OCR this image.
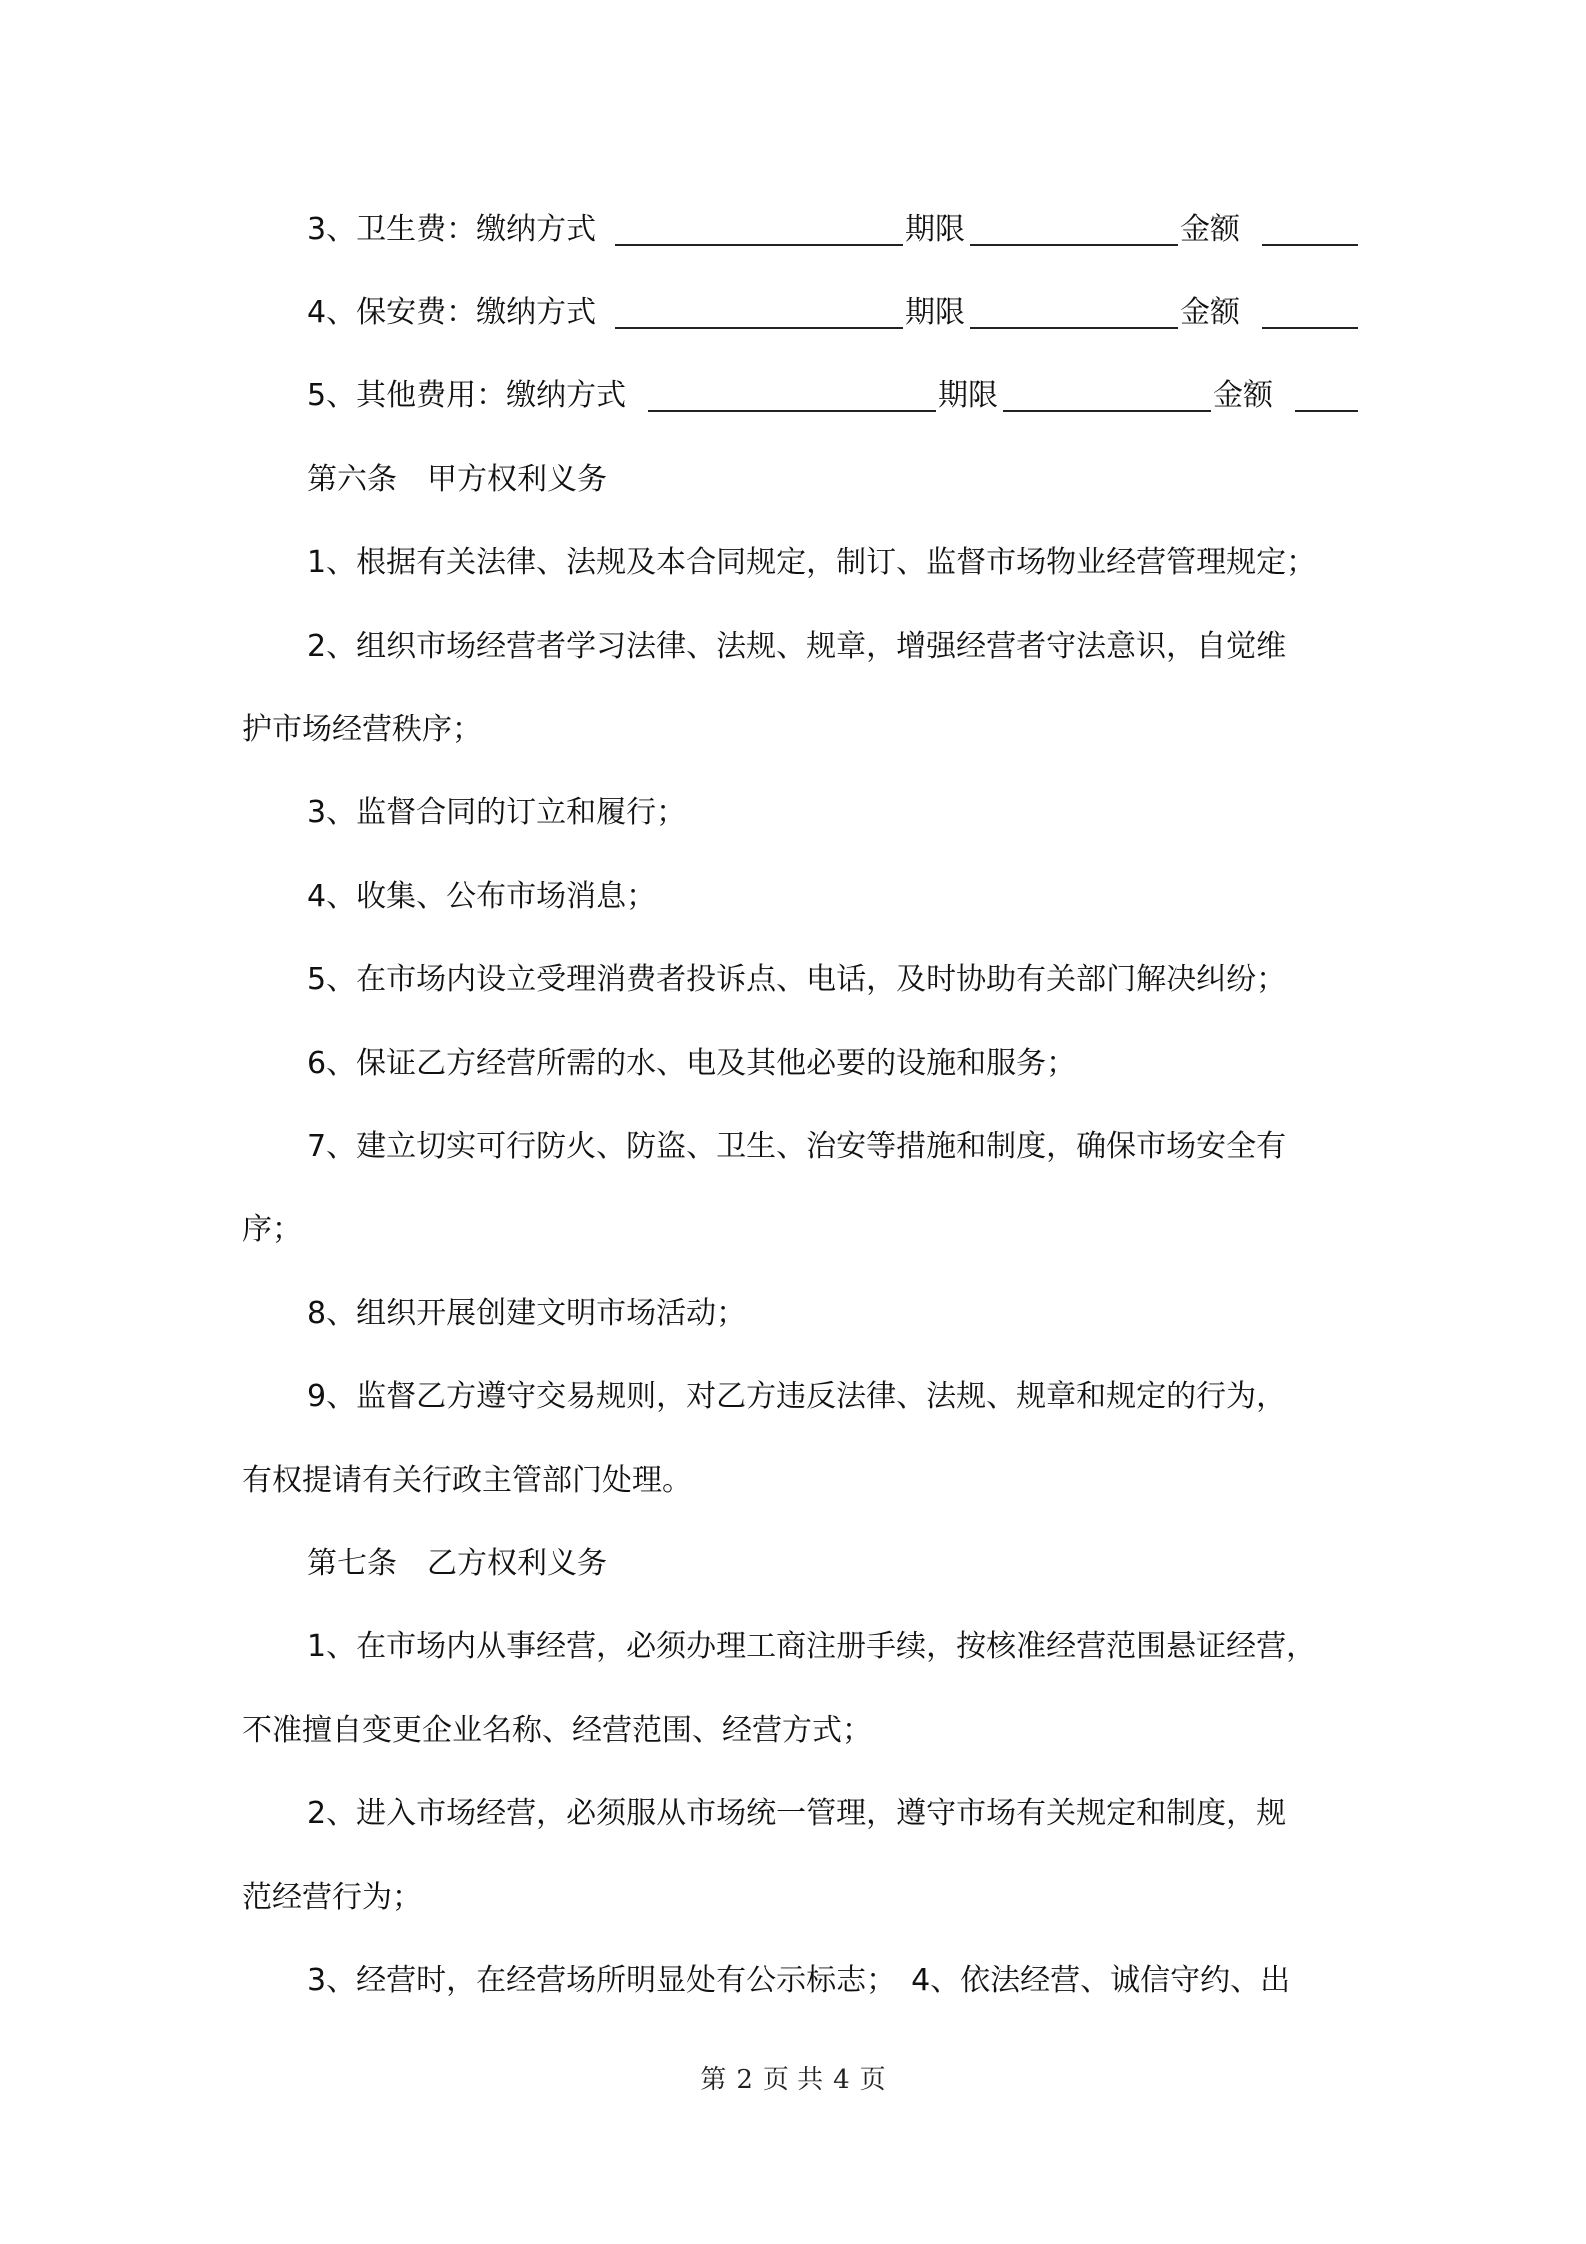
3、卫生费：缴纳方式	期限	金额
4、保安费：缴纳方式	期限	金额
5、其他费用：缴纳方式	期限	金额
第六条　甲方权利义务
1、根据有关法律、法规及本合同规定，制订、监督市场物业经营管理规定；
2、组织市场经营者学习法律、法规、规章，增强经营者守法意识，自觉维
护市场经营秩序；
3、监督合同的订立和履行；
4、收集、公布市场消息；
5、在市场内设立受理消费者投诉点、电话，及时协助有关部门解决纠纷；
6、保证乙方经营所需的水、电及其他必要的设施和服务；
7、建立切实可行防火、防盗、卫生、治安等措施和制度，确保市场安全有
序；
8、组织开展创建文明市场活动；
9、监督乙方遵守交易规则，对乙方违反法律、法规、规章和规定的行为，
有权提请有关行政主管部门处理。
第七条　乙方权利义务
1、在市场内从事经营，必须办理工商注册手续，按核准经营范围悬证经营，
不准擅自变更企业名称、经营范围、经营方式；
2、进入市场经营，必须服从市场统一管理，遵守市场有关规定和制度，规
范经营行为；
3、经营时，在经营场所明显处有公示标志；　4、依法经营、诚信守约、出
第 2 页 共 4 页
